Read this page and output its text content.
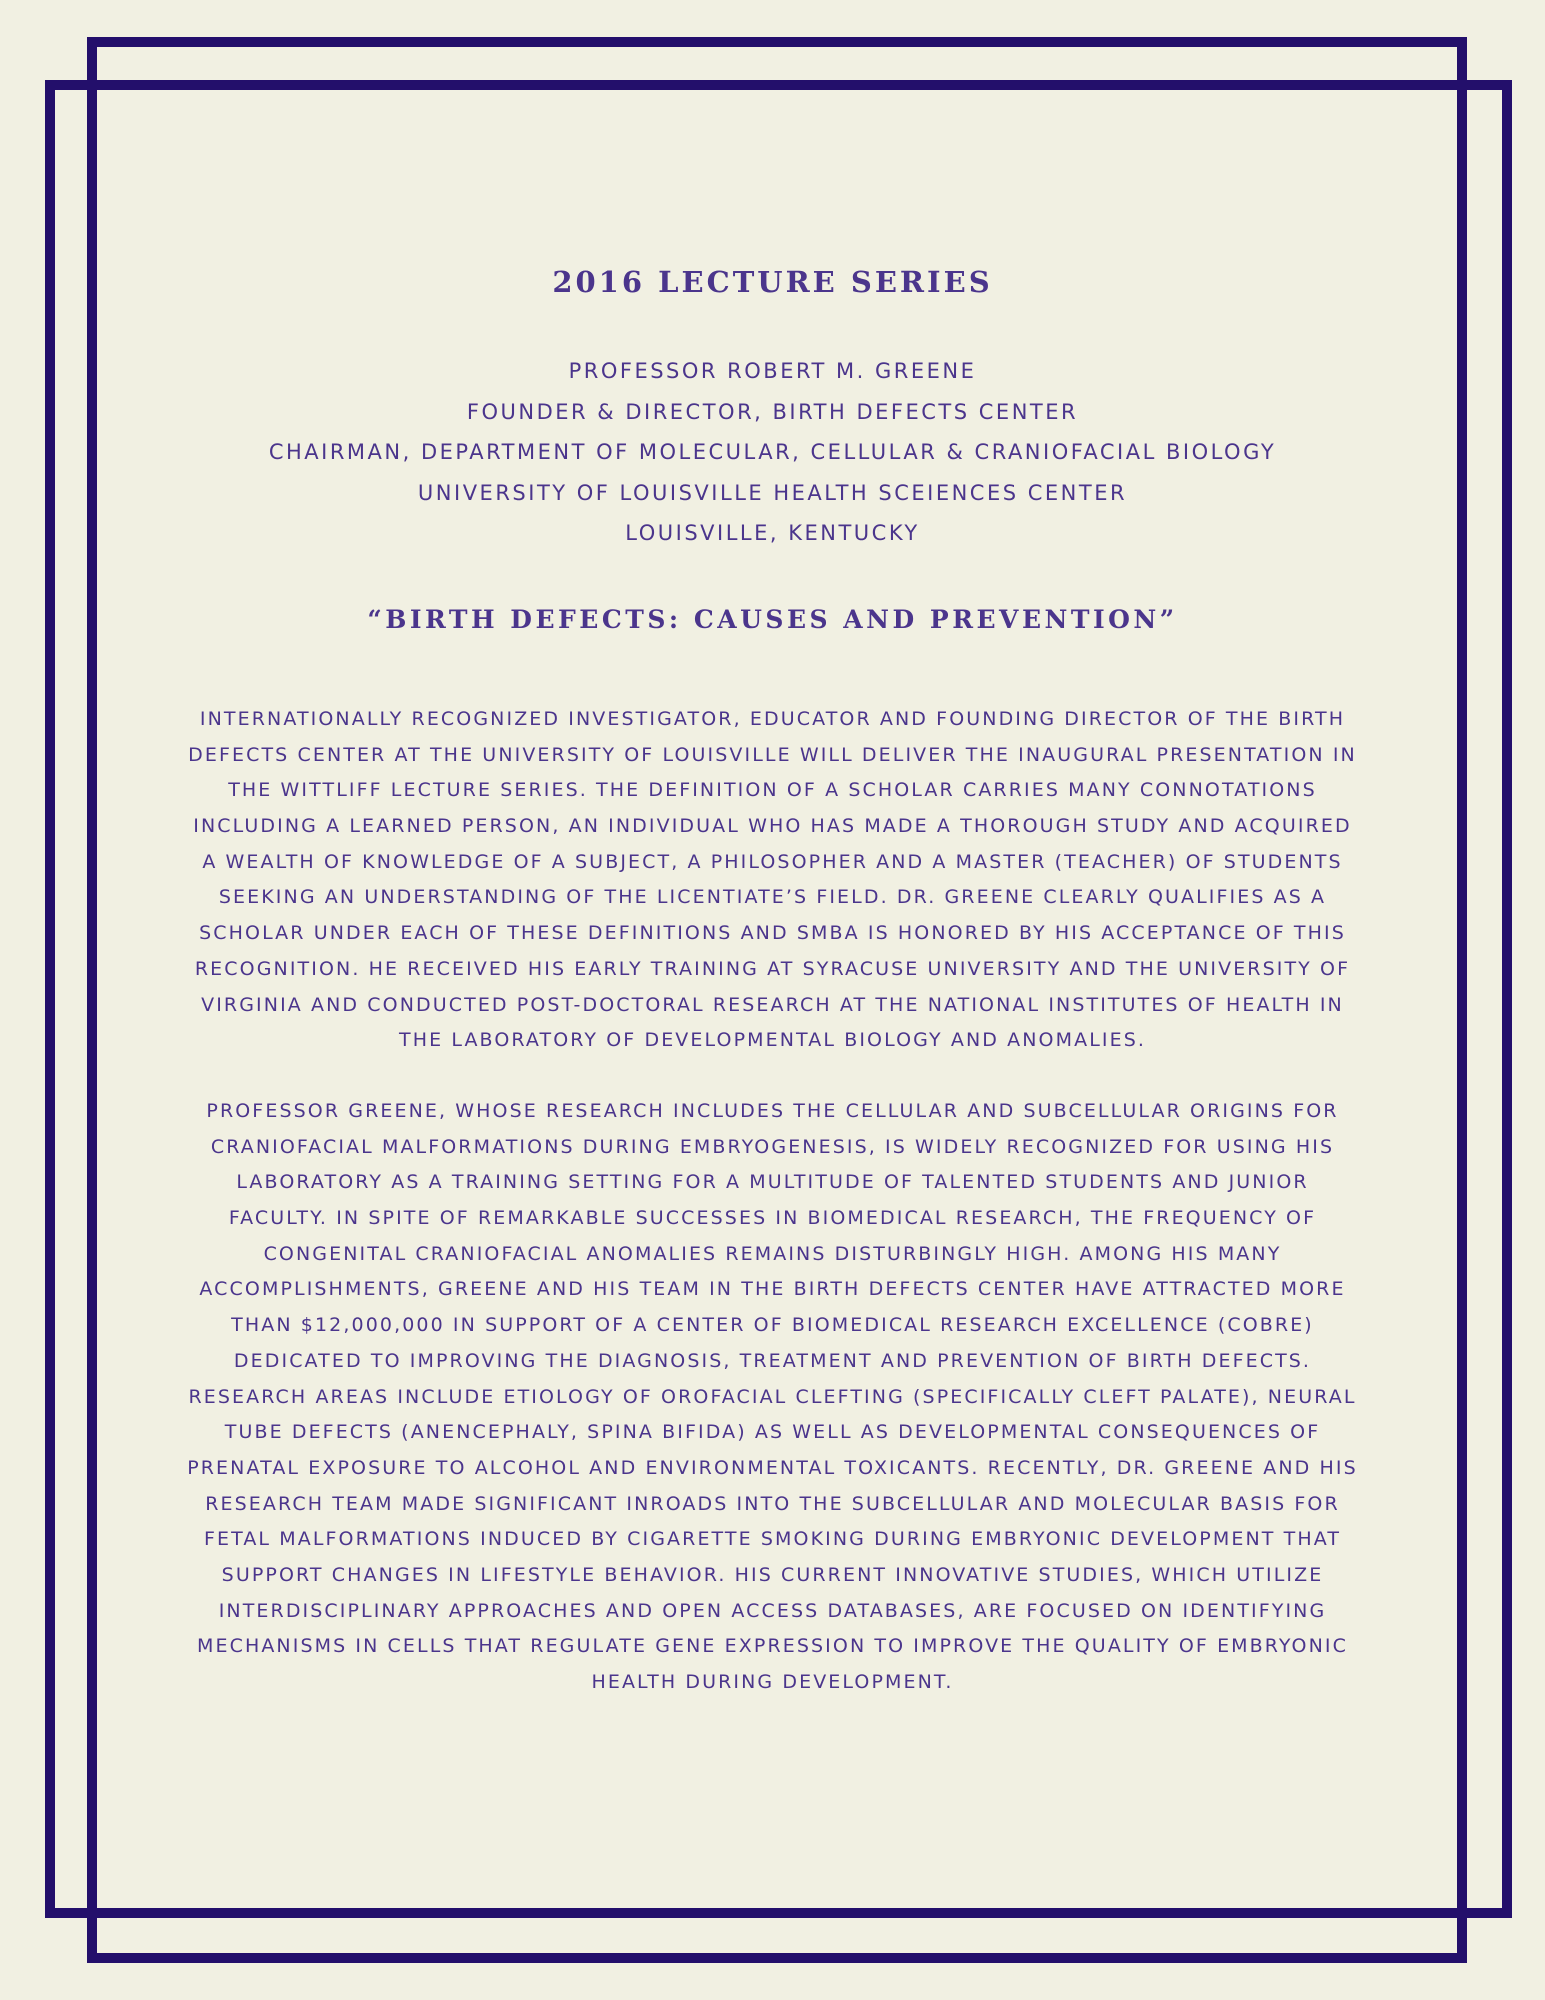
2016 LECTURE SERIES
PROFESSOR ROBERT M. GREENE
FOUNDER & DIRECTOR, BIRTH DEFECTS CENTER
CHAIRMAN, DEPARTMENT OF MOLECULAR, CELLULAR & CRANIOFACIAL BIOLOGY
UNIVERSITY OF LOUISVILLE HEALTH SCEIENCES CENTER
LOUISVILLE, KENTUCKY
“BIRTH DEFECTS: CAUSES AND PREVENTION”

INTERNATIONALLY RECOGNIZED INVESTIGATOR, EDUCATOR AND FOUNDING DIRECTOR OF THE BIRTH
DEFECTS CENTER AT THE UNIVERSITY OF LOUISVILLE WILL DELIVER THE INAUGURAL PRESENTATION IN
THE WITTLIFF LECTURE SERIES. THE DEFINITION OF A SCHOLAR CARRIES MANY CONNOTATIONS
INCLUDING A LEARNED PERSON, AN INDIVIDUAL WHO HAS MADE A THOROUGH STUDY AND ACQUIRED
A WEALTH OF KNOWLEDGE OF A SUBJECT, A PHILOSOPHER AND A MASTER (TEACHER) OF STUDENTS
SEEKING AN UNDERSTANDING OF THE LICENTIATE’S FIELD. DR. GREENE CLEARLY QUALIFIES AS A
SCHOLAR UNDER EACH OF THESE DEFINITIONS AND SMBA IS HONORED BY HIS ACCEPTANCE OF THIS
RECOGNITION. HE RECEIVED HIS EARLY TRAINING AT SYRACUSE UNIVERSITY AND THE UNIVERSITY OF
VIRGINIA AND CONDUCTED POST-DOCTORAL RESEARCH AT THE NATIONAL INSTITUTES OF HEALTH IN
THE LABORATORY OF DEVELOPMENTAL BIOLOGY AND ANOMALIES.

PROFESSOR GREENE, WHOSE RESEARCH INCLUDES THE CELLULAR AND SUBCELLULAR ORIGINS FOR
CRANIOFACIAL MALFORMATIONS DURING EMBRYOGENESIS, IS WIDELY RECOGNIZED FOR USING HIS
LABORATORY AS A TRAINING SETTING FOR A MULTITUDE OF TALENTED STUDENTS AND JUNIOR
FACULTY. IN SPITE OF REMARKABLE SUCCESSES IN BIOMEDICAL RESEARCH, THE FREQUENCY OF
CONGENITAL CRANIOFACIAL ANOMALIES REMAINS DISTURBINGLY HIGH. AMONG HIS MANY
ACCOMPLISHMENTS, GREENE AND HIS TEAM IN THE BIRTH DEFECTS CENTER HAVE ATTRACTED MORE
THAN $12,000,000 IN SUPPORT OF A CENTER OF BIOMEDICAL RESEARCH EXCELLENCE (COBRE)
DEDICATED TO IMPROVING THE DIAGNOSIS, TREATMENT AND PREVENTION OF BIRTH DEFECTS.
RESEARCH AREAS INCLUDE ETIOLOGY OF OROFACIAL CLEFTING (SPECIFICALLY CLEFT PALATE), NEURAL
TUBE DEFECTS (ANENCEPHALY, SPINA BIFIDA) AS WELL AS DEVELOPMENTAL CONSEQUENCES OF
PRENATAL EXPOSURE TO ALCOHOL AND ENVIRONMENTAL TOXICANTS. RECENTLY, DR. GREENE AND HIS
RESEARCH TEAM MADE SIGNIFICANT INROADS INTO THE SUBCELLULAR AND MOLECULAR BASIS FOR
FETAL MALFORMATIONS INDUCED BY CIGARETTE SMOKING DURING EMBRYONIC DEVELOPMENT THAT
SUPPORT CHANGES IN LIFESTYLE BEHAVIOR. HIS CURRENT INNOVATIVE STUDIES, WHICH UTILIZE
INTERDISCIPLINARY APPROACHES AND OPEN ACCESS DATABASES, ARE FOCUSED ON IDENTIFYING
MECHANISMS IN CELLS THAT REGULATE GENE EXPRESSION TO IMPROVE THE QUALITY OF EMBRYONIC
HEALTH DURING DEVELOPMENT.
